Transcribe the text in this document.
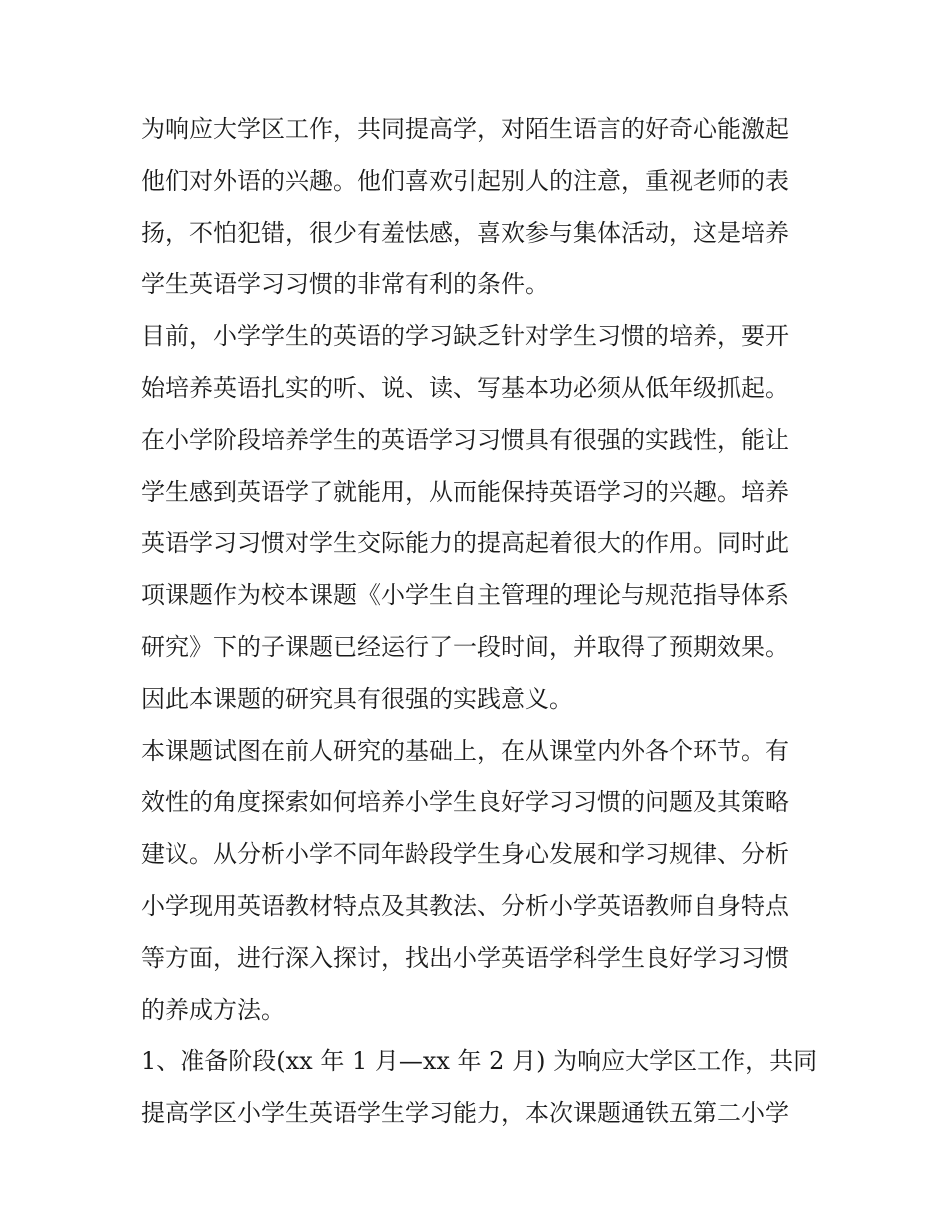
为响应大学区工作，共同提高学，对陌生语言的好奇心能激起
他们对外语的兴趣。他们喜欢引起别人的注意，重视老师的表
扬，不怕犯错，很少有羞怯感，喜欢参与集体活动，这是培养
学生英语学习习惯的非常有利的条件。
目前，小学学生的英语的学习缺乏针对学生习惯的培养，要开
始培养英语扎实的听、说、读、写基本功必须从低年级抓起。
在小学阶段培养学生的英语学习习惯具有很强的实践性，能让
学生感到英语学了就能用，从而能保持英语学习的兴趣。培养
英语学习习惯对学生交际能力的提高起着很大的作用。同时此
项课题作为校本课题《小学生自主管理的理论与规范指导体系
研究》下的子课题已经运行了一段时间，并取得了预期效果。
因此本课题的研究具有很强的实践意义。
本课题试图在前人研究的基础上，在从课堂内外各个环节。有
效性的角度探索如何培养小学生良好学习习惯的问题及其策略
建议。从分析小学不同年龄段学生身心发展和学习规律、分析
小学现用英语教材特点及其教法、分析小学英语教师自身特点
等方面，进行深入探讨，找出小学英语学科学生良好学习习惯
的养成方法。
1、准备阶段(xx 年 1 月—xx 年 2 月) 为响应大学区工作，共同
提高学区小学生英语学生学习能力，本次课题通铁五第二小学
